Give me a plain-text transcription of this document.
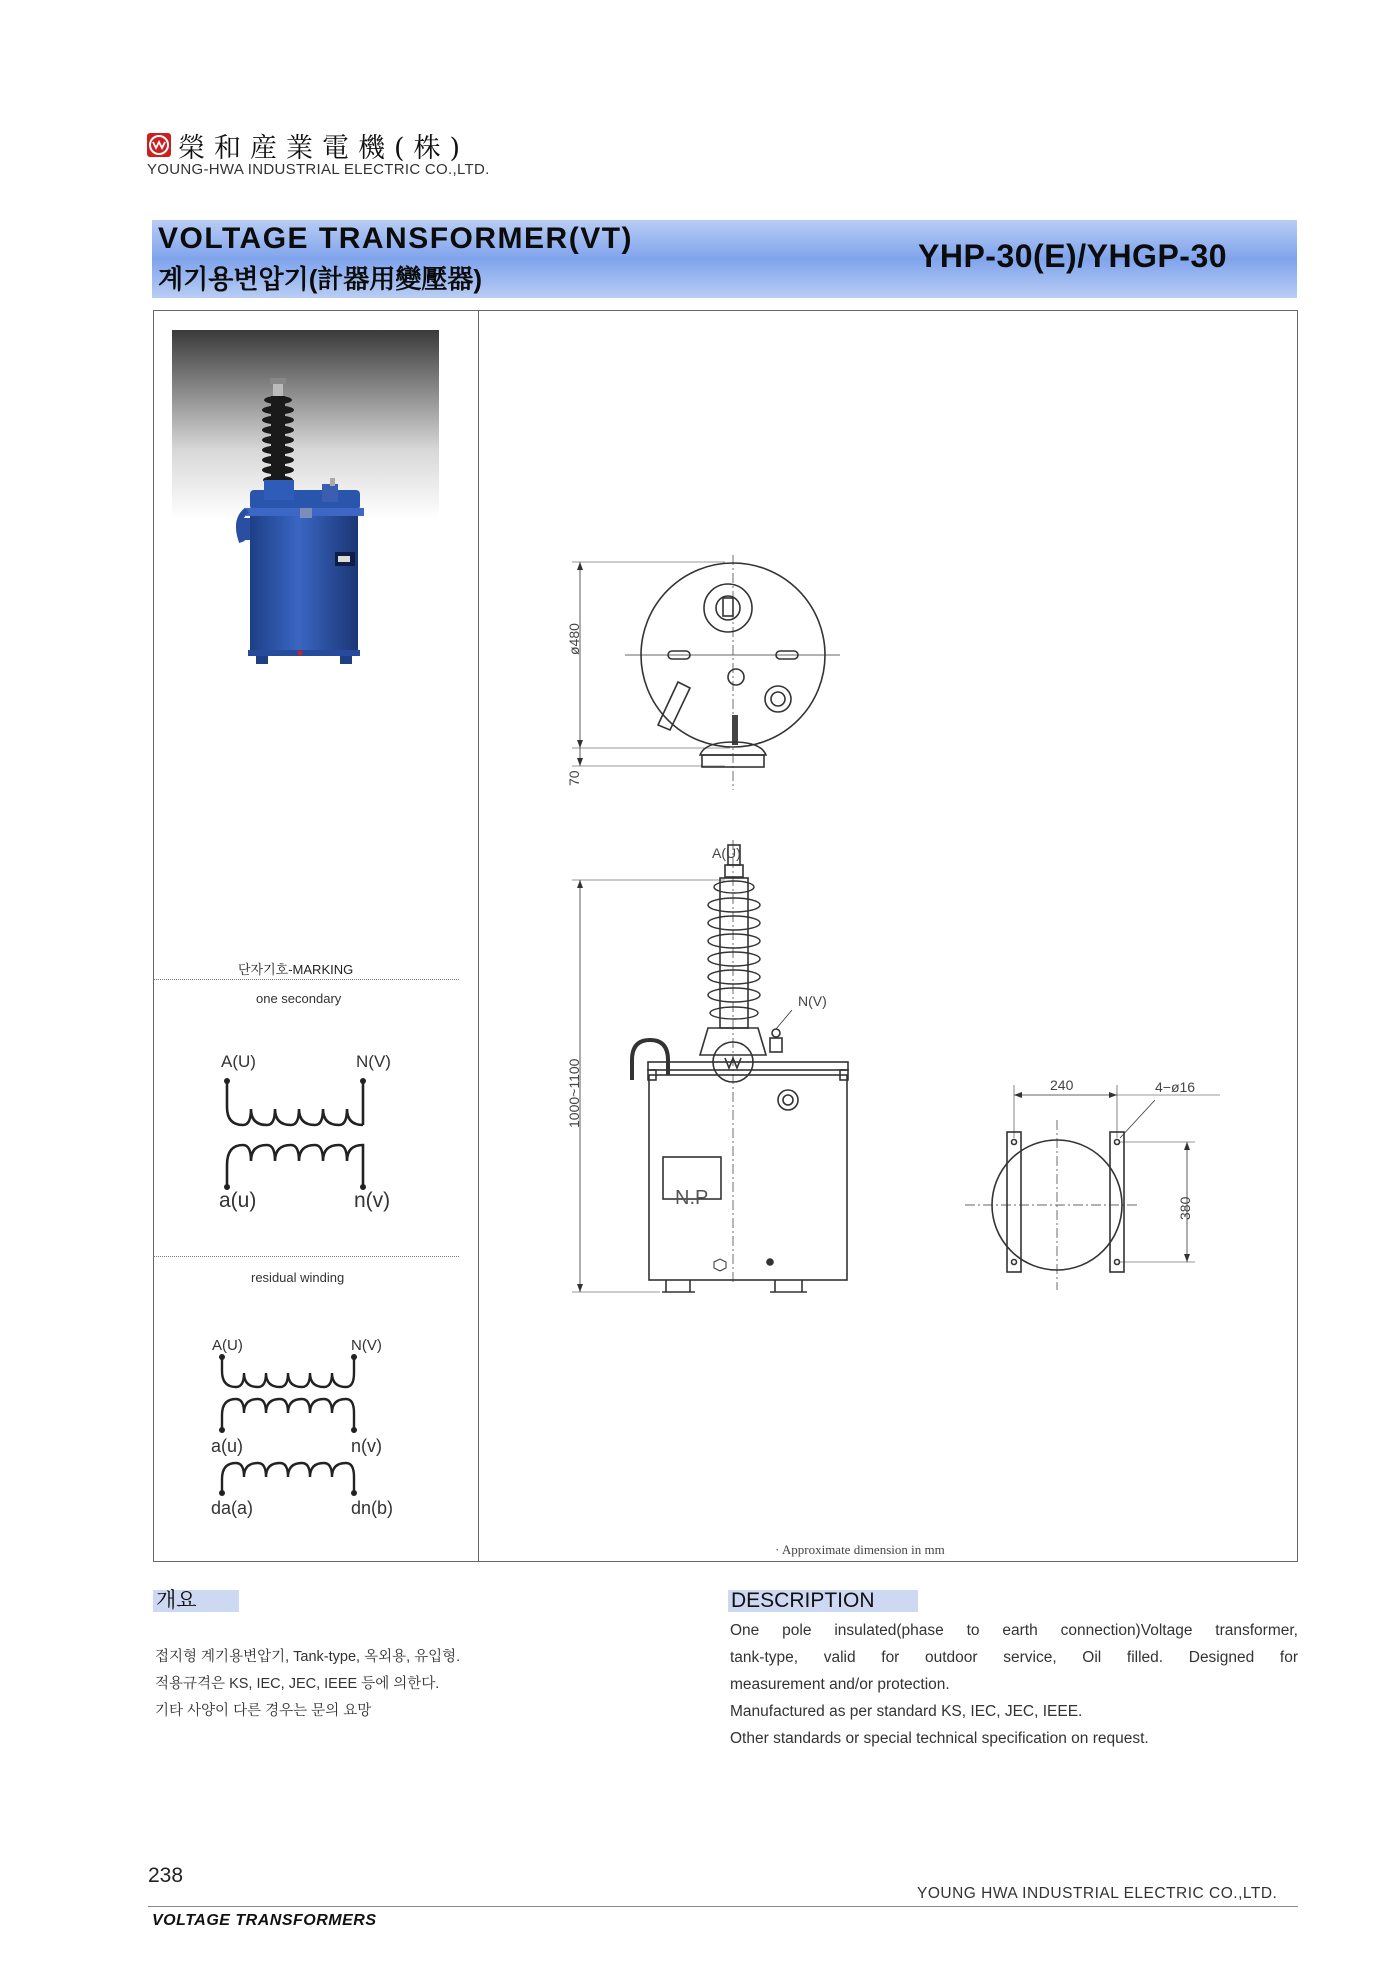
榮和産業電機(株)
YOUNG-HWA INDUSTRIAL ELECTRIC CO.,LTD.
VOLTAGE TRANSFORMER(VT)
계기용변압기(計器用變壓器)
YHP-30(E)/YHGP-30
단자기호-MARKING
one secondary
A(U)	N(V)
a(u)	n(v)
residual winding
A(U)	N(V)
a(u)	n(v)
da(a)	dn(b)
ø480
70
1000~1100
A(U)
N(V)
N.P
240	4−ø16
380
· Approximate dimension in mm
개요
접지형 계기용변압기, Tank-type, 옥외용, 유입형.
적용규격은 KS, IEC, JEC, IEEE 등에 의한다.
기타 사양이 다른 경우는 문의 요망
DESCRIPTION
One pole insulated(phase to earth connection)Voltage transformer,
tank-type, valid for outdoor service, Oil filled. Designed for
measurement and/or protection.
Manufactured as per standard KS, IEC, JEC, IEEE.
Other standards or special technical specification on request.
238
YOUNG HWA INDUSTRIAL ELECTRIC CO.,LTD.
VOLTAGE TRANSFORMERS
